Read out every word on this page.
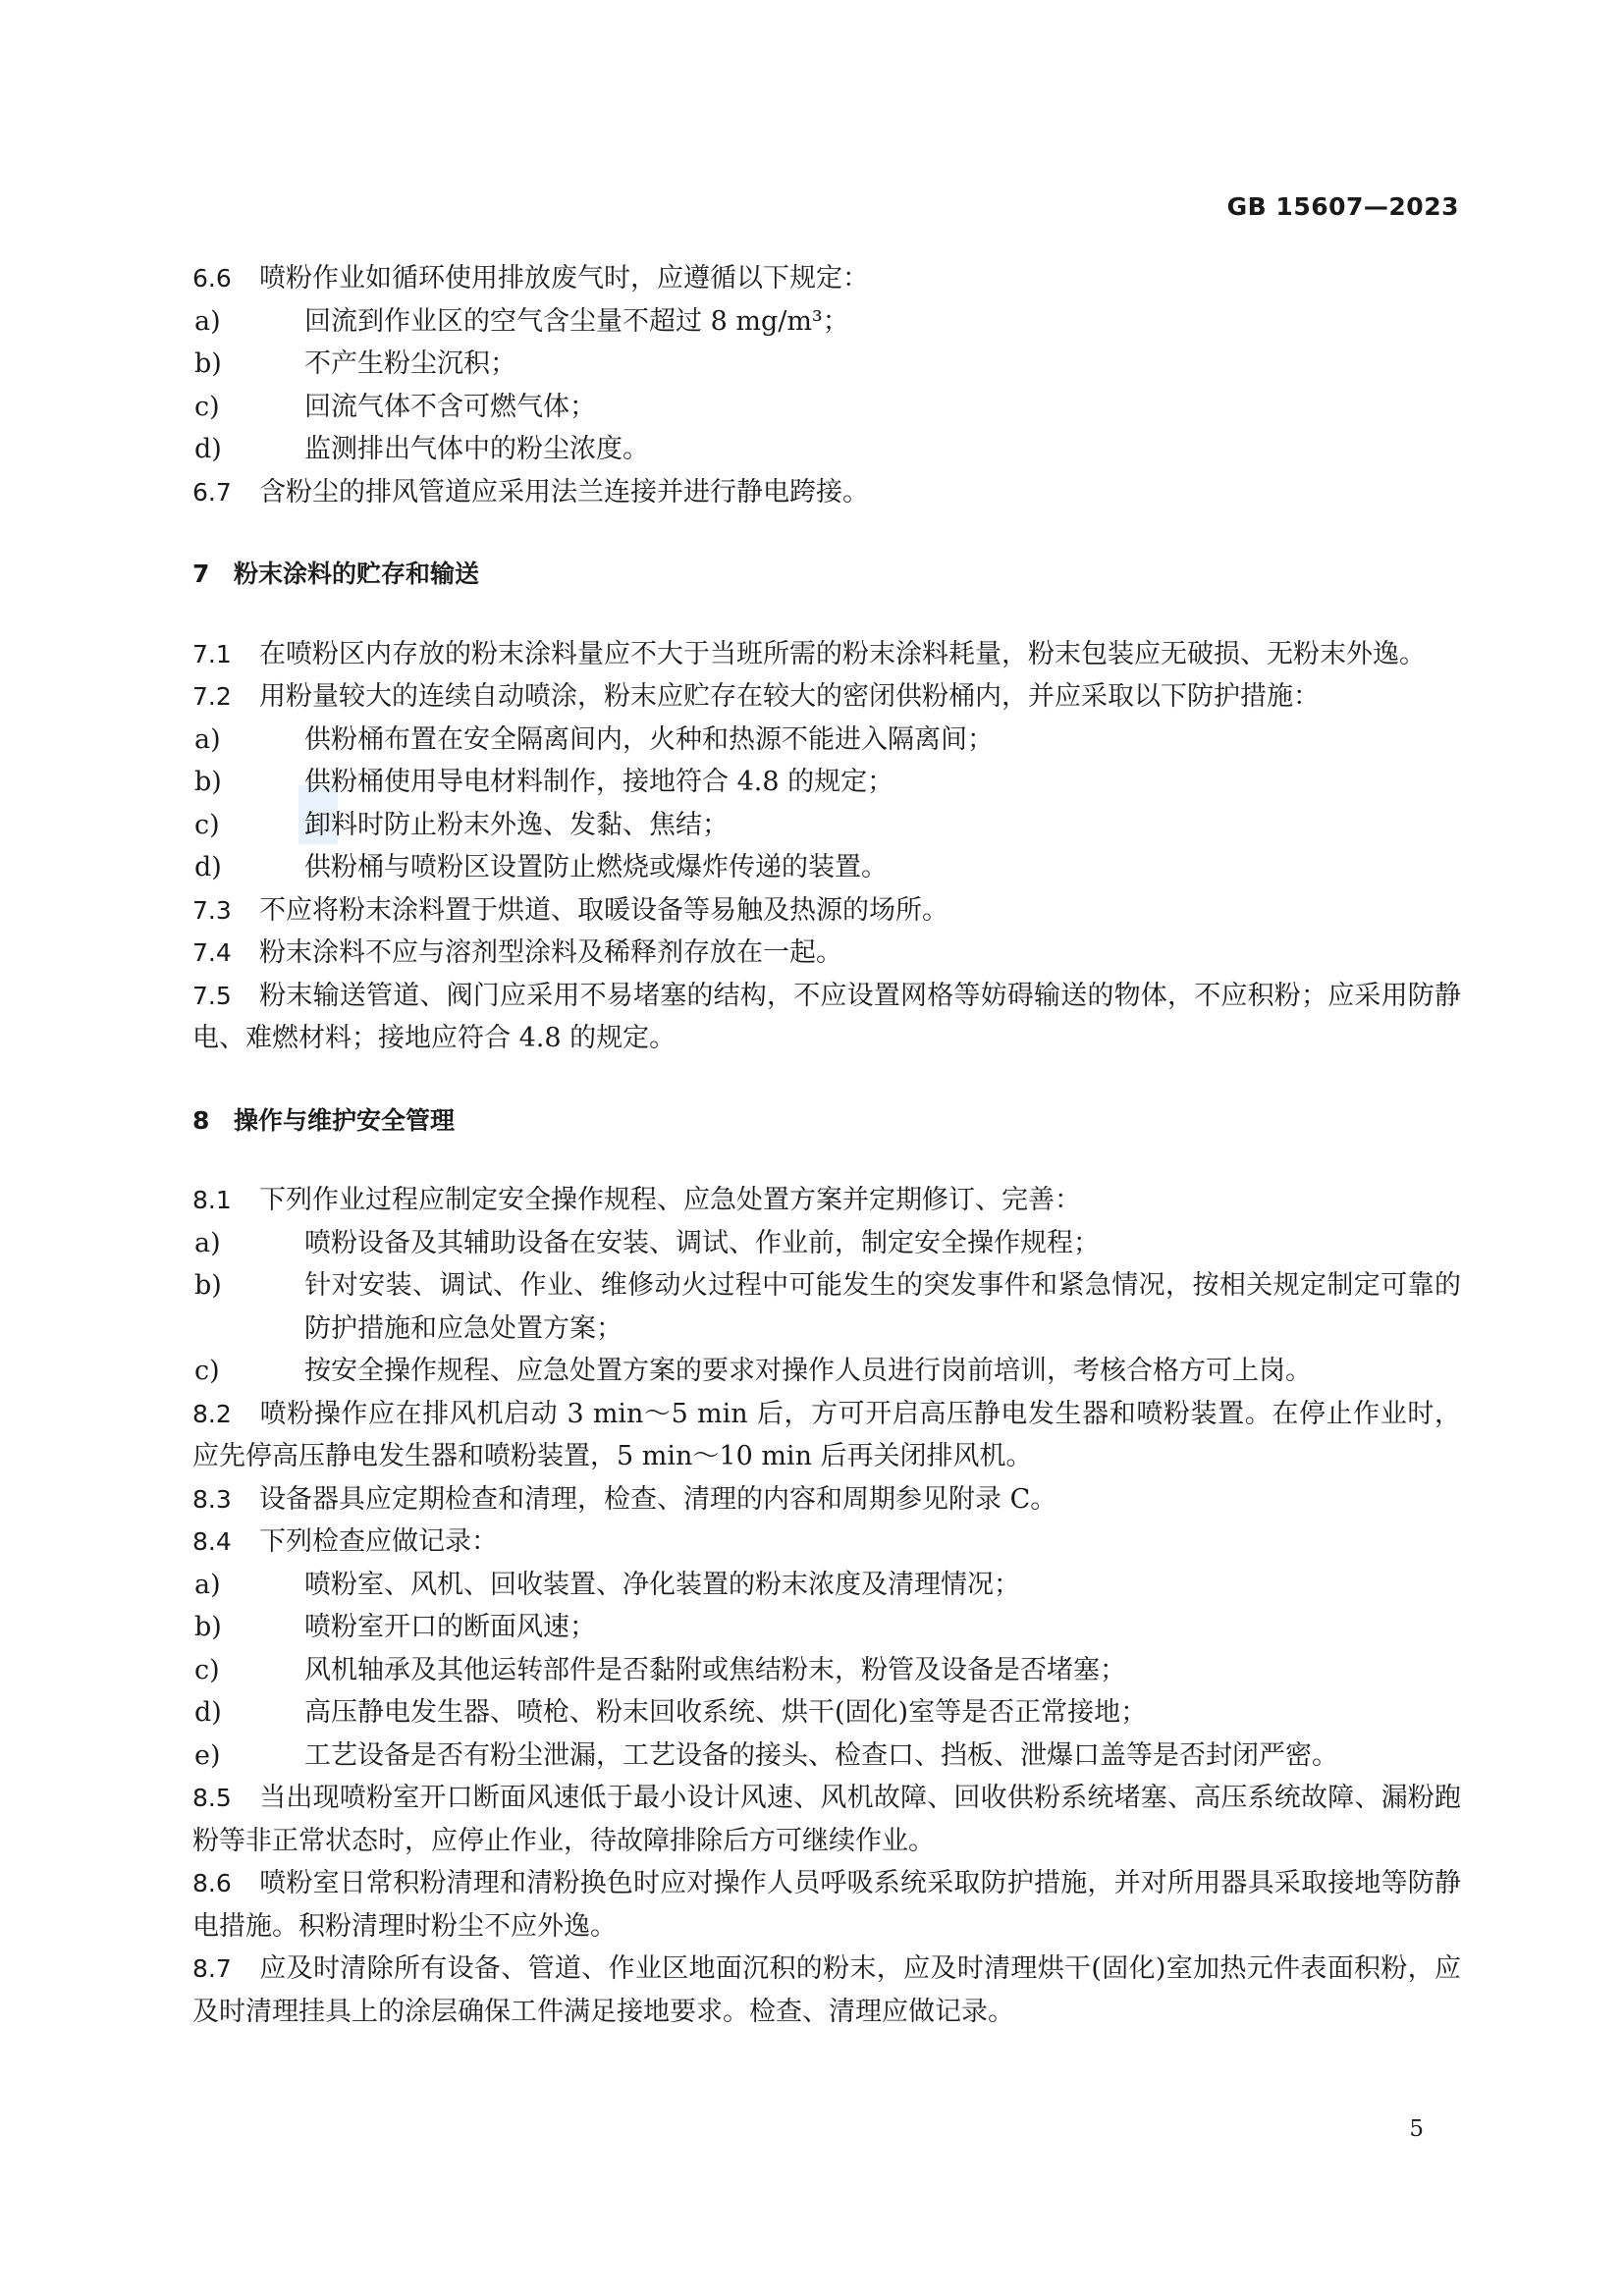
GB 15607—2023
6.6 喷粉作业如循环使用排放废气时，应遵循以下规定：
a)	回流到作业区的空气含尘量不超过 8 mg/m³；
b)	不产生粉尘沉积；
c)	回流气体不含可燃气体；
d)	监测排出气体中的粉尘浓度。
6.7 含粉尘的排风管道应采用法兰连接并进行静电跨接。
7 粉末涂料的贮存和输送
7.1 在喷粉区内存放的粉末涂料量应不大于当班所需的粉末涂料耗量，粉末包装应无破损、无粉末外逸。
7.2 用粉量较大的连续自动喷涂，粉末应贮存在较大的密闭供粉桶内，并应采取以下防护措施：
a)	供粉桶布置在安全隔离间内，火种和热源不能进入隔离间；
b)	供粉桶使用导电材料制作，接地符合 4.8 的规定；
c)	卸料时防止粉末外逸、发黏、焦结；
d)	供粉桶与喷粉区设置防止燃烧或爆炸传递的装置。
7.3 不应将粉末涂料置于烘道、取暖设备等易触及热源的场所。
7.4 粉末涂料不应与溶剂型涂料及稀释剂存放在一起。
7.5 粉末输送管道、阀门应采用不易堵塞的结构，不应设置网格等妨碍输送的物体，不应积粉；应采用防静电、难燃材料；接地应符合 4.8 的规定。
8 操作与维护安全管理
8.1 下列作业过程应制定安全操作规程、应急处置方案并定期修订、完善：
a)	喷粉设备及其辅助设备在安装、调试、作业前，制定安全操作规程；
b)	针对安装、调试、作业、维修动火过程中可能发生的突发事件和紧急情况，按相关规定制定可靠的防护措施和应急处置方案；
c)	按安全操作规程、应急处置方案的要求对操作人员进行岗前培训，考核合格方可上岗。
8.2 喷粉操作应在排风机启动 3 min～5 min 后，方可开启高压静电发生器和喷粉装置。在停止作业时，应先停高压静电发生器和喷粉装置，5 min～10 min 后再关闭排风机。
8.3 设备器具应定期检查和清理，检查、清理的内容和周期参见附录 C。
8.4 下列检查应做记录：
a)	喷粉室、风机、回收装置、净化装置的粉末浓度及清理情况；
b)	喷粉室开口的断面风速；
c)	风机轴承及其他运转部件是否黏附或焦结粉末，粉管及设备是否堵塞；
d)	高压静电发生器、喷枪、粉末回收系统、烘干(固化)室等是否正常接地；
e)	工艺设备是否有粉尘泄漏，工艺设备的接头、检查口、挡板、泄爆口盖等是否封闭严密。
8.5 当出现喷粉室开口断面风速低于最小设计风速、风机故障、回收供粉系统堵塞、高压系统故障、漏粉跑粉等非正常状态时，应停止作业，待故障排除后方可继续作业。
8.6 喷粉室日常积粉清理和清粉换色时应对操作人员呼吸系统采取防护措施，并对所用器具采取接地等防静电措施。积粉清理时粉尘不应外逸。
8.7 应及时清除所有设备、管道、作业区地面沉积的粉末，应及时清理烘干(固化)室加热元件表面积粉，应及时清理挂具上的涂层确保工件满足接地要求。检查、清理应做记录。
5
